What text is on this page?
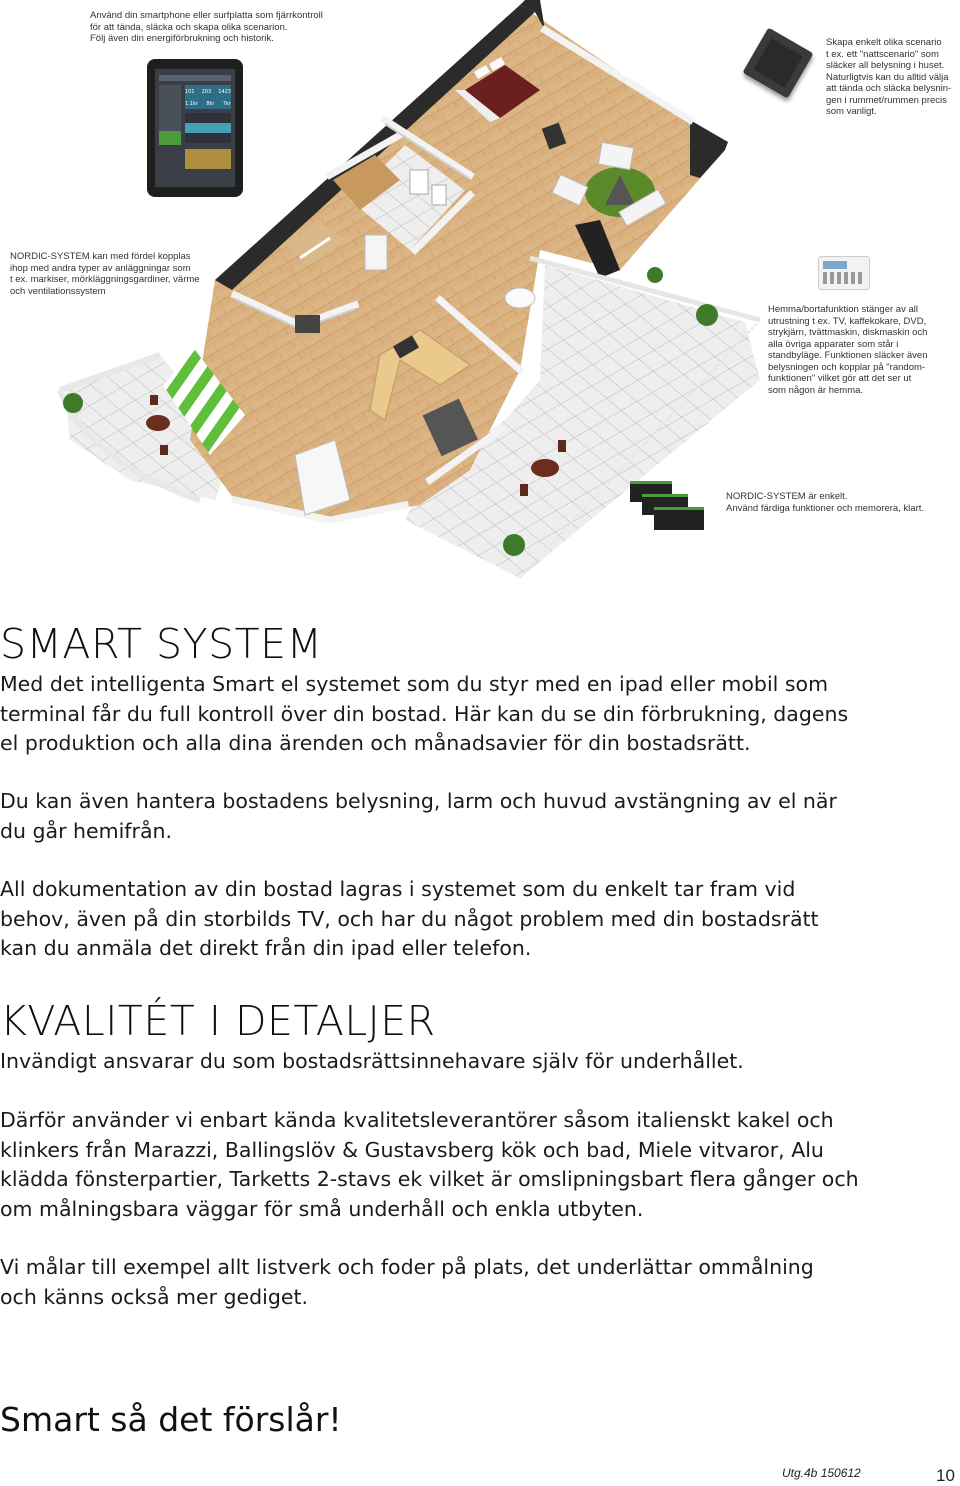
101 203 1423
1.1kr 8kr 7kr
Använd din smartphone eller surfplatta som fjärrkontroll
för att tända, släcka och skapa olika scenarion.
Följ även din energiförbrukning och historik.	Skapa enkelt olika scenario
t ex. ett "nattscenario" som
släcker all belysning i huset.
Naturligtvis kan du alltid välja
att tända och släcka belysnin-
gen i rummet/rummen precis
som vanligt.
NORDIC-SYSTEM kan med fördel kopplas
ihop med andra typer av anläggningar som
t ex. markiser, mörkläggningsgardiner, värme
och ventilationssystem
Hemma/bortafunktion stänger av all
utrustning t ex. TV, kaffekokare, DVD,
strykjärn, tvättmaskin, diskmaskin och
alla övriga apparater som står i
standbyläge. Funktionen släcker även
belysningen och kopplar på "random-
funktionen" vilket gör att det ser ut
som någon är hemma.
NORDIC-SYSTEM är enkelt.
Använd färdiga funktioner och memorera, klart.
SMART SYSTEM
Med det intelligenta Smart el systemet som du styr med en ipad eller mobil som
terminal får du full kontroll över din bostad. Här kan du se din förbrukning, dagens
el produktion och alla dina ärenden och månadsavier för din bostadsrätt.
Du kan även hantera bostadens belysning, larm och huvud avstängning av el när
du går hemifrån.
All dokumentation av din bostad lagras i systemet som du enkelt tar fram vid
behov, även på din storbilds TV, och har du något problem med din bostadsrätt
kan du anmäla det direkt från din ipad eller telefon.
KVALITÉT I DETALJER
Invändigt ansvarar du som bostadsrättsinnehavare själv för underhållet.
Därför använder vi enbart kända kvalitetsleverantörer såsom italienskt kakel och
klinkers från Marazzi, Ballingslöv & Gustavsberg kök och bad, Miele vitvaror, Alu
klädda fönsterpartier, Tarketts 2-stavs ek vilket är omslipningsbart flera gånger och
om målningsbara väggar för små underhåll och enkla utbyten.
Vi målar till exempel allt listverk och foder på plats, det underlättar ommålning
och känns också mer gediget.
Smart så det förslår!
Utg.4b 150612	10
